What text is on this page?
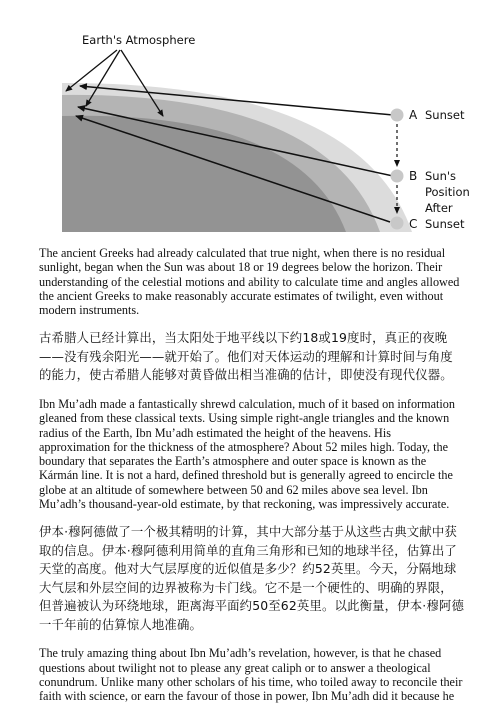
Earth's Atmosphere
A
B
C
Sunset
Sun's
Position
After
Sunset

The ancient Greeks had already calculated that true night, when there is no residual sunlight, began when the Sun was about 18 or 19 degrees below the horizon. Their understanding of the celestial motions and ability to calculate time and angles allowed the ancient Greeks to make reasonably accurate estimates of twilight, even without modern instruments.

古希腊人已经计算出，当太阳处于地平线以下约18或19度时，真正的夜晚——没有残余阳光——就开始了。他们对天体运动的理解和计算时间与角度的能力，使古希腊人能够对黄昏做出相当准确的估计，即使没有现代仪器。

Ibn Mu’adh made a fantastically shrewd calculation, much of it based on information gleaned from these classical texts. Using simple right-angle triangles and the known radius of the Earth, Ibn Mu’adh estimated the height of the heavens. His approximation for the thickness of the atmosphere? About 52 miles high. Today, the boundary that separates the Earth’s atmosphere and outer space is known as the Kármán line. It is not a hard, defined threshold but is generally agreed to encircle the globe at an altitude of somewhere between 50 and 62 miles above sea level. Ibn Mu’adh’s thousand-year-old estimate, by that reckoning, was impressively accurate.

伊本·穆阿德做了一个极其精明的计算，其中大部分基于从这些古典文献中获取的信息。伊本·穆阿德利用简单的直角三角形和已知的地球半径，估算出了天堂的高度。他对大气层厚度的近似值是多少？约52英里。今天，分隔地球大气层和外层空间的边界被称为卡门线。它不是一个硬性的、明确的界限，但普遍被认为环绕地球，距离海平面约50至62英里。以此衡量，伊本·穆阿德一千年前的估算惊人地准确。

The truly amazing thing about Ibn Mu’adh’s revelation, however, is that he chased questions about twilight not to please any great caliph or to answer a theological conundrum. Unlike many other scholars of his time, who toiled away to reconcile their faith with science, or earn the favour of those in power, Ibn Mu’adh did it because he
